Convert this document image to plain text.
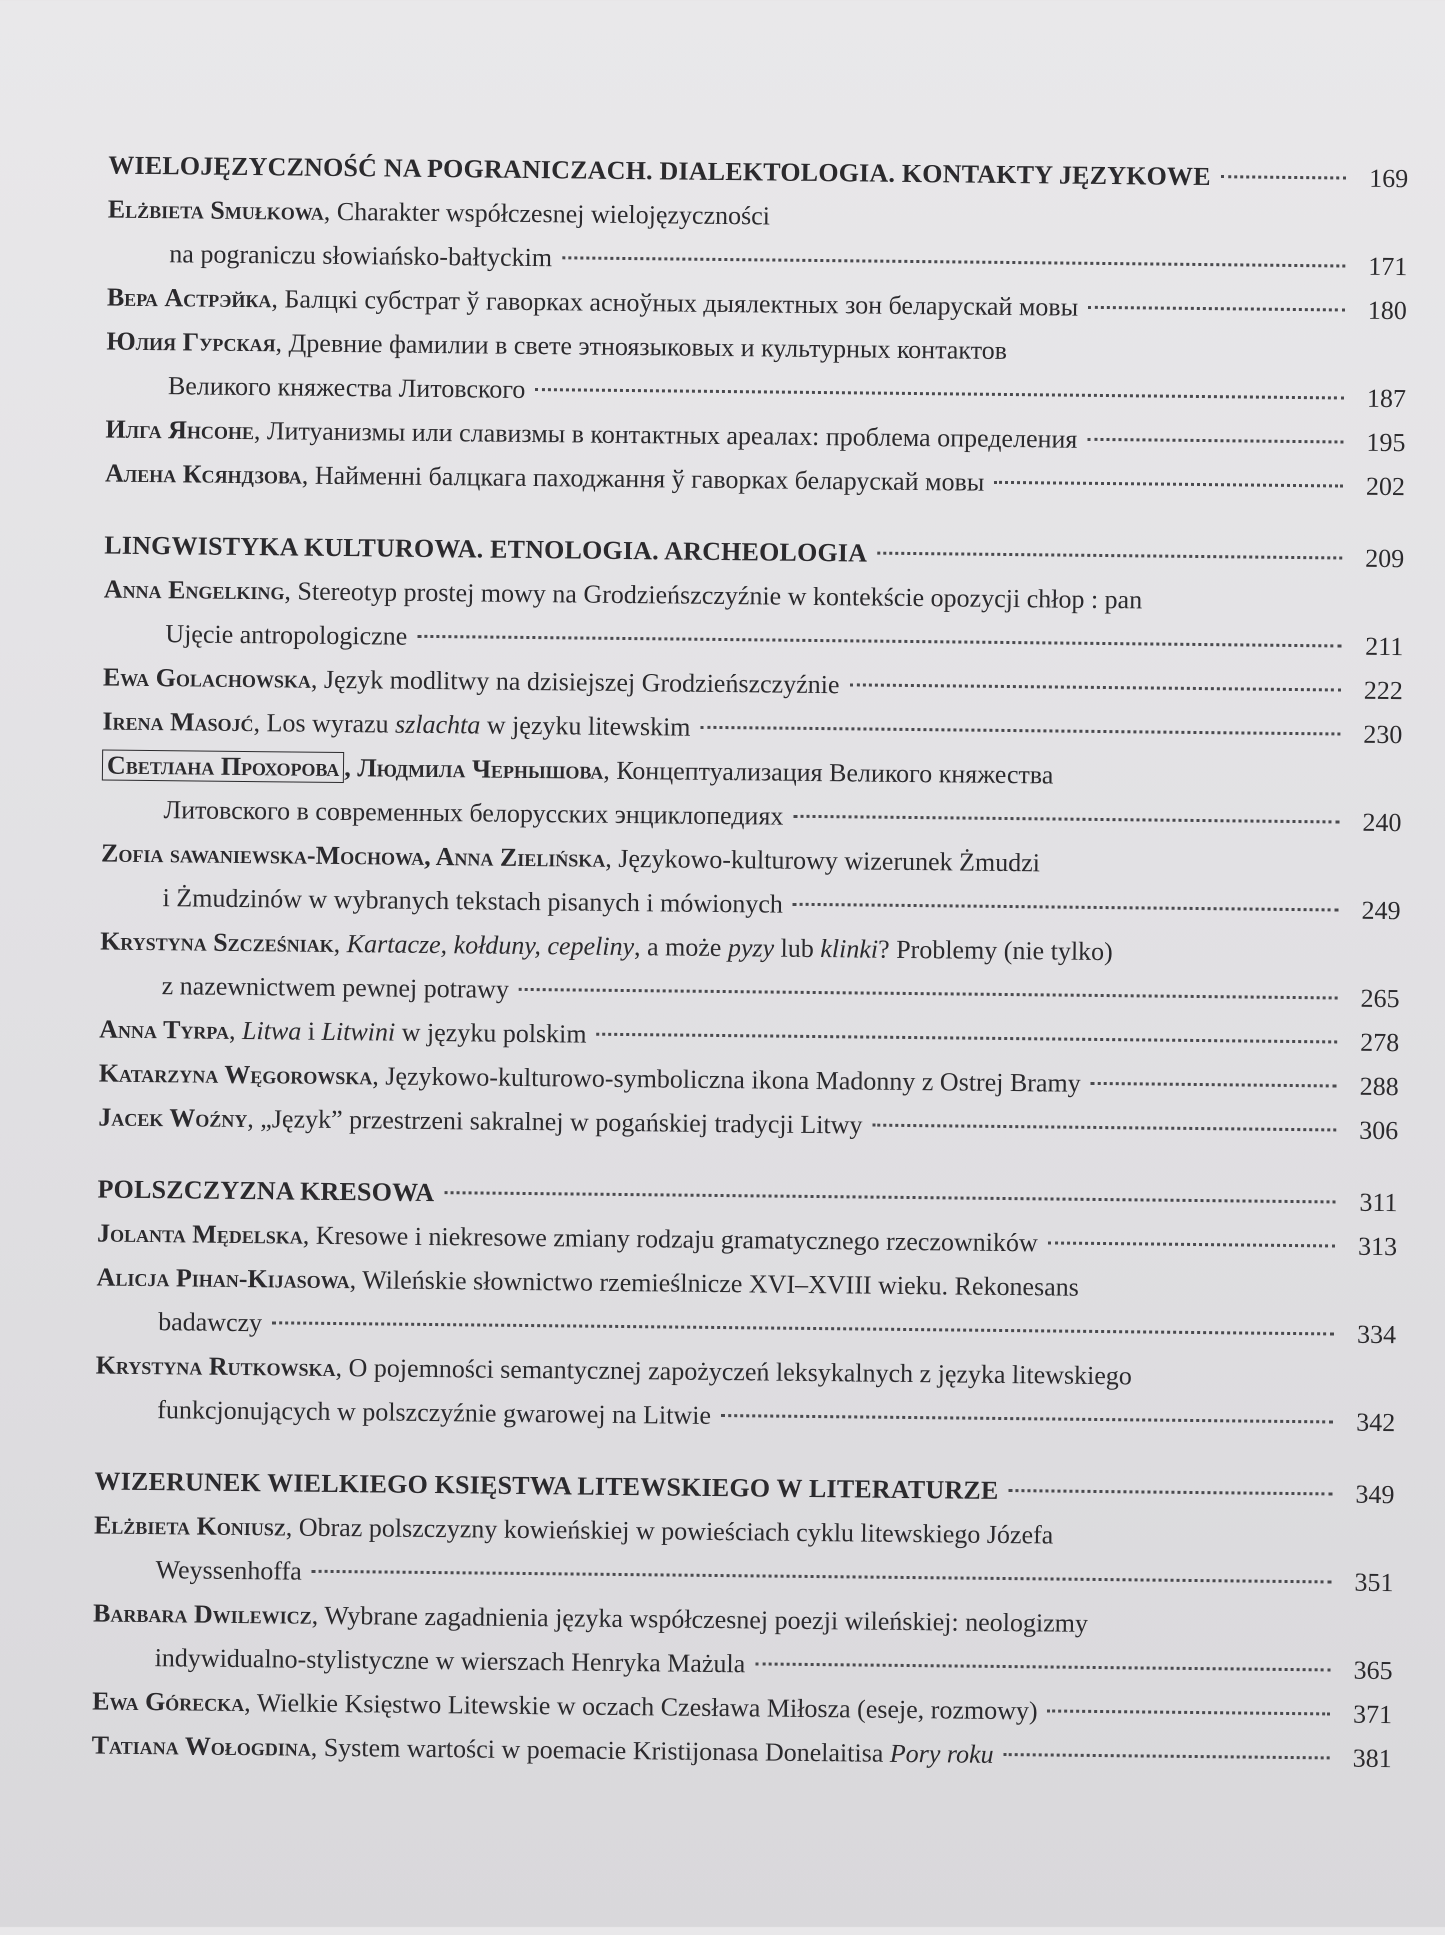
WIELOJĘZYCZNOŚĆ NA POGRANICZACH. DIALEKTOLOGIA. KONTAKTY JĘZYKOWE	169
Elżbieta Smułkowa, Charakter współczesnej wielojęzyczności
na pograniczu słowiańsko-bałtyckim	171
Вера Астрэйка, Балцкі субстрат ў гаворках асноўных дыялектных зон беларускай мовы	180
Юлия Гурская, Древние фамилии в свете этноязыковых и культурных контактов
Великого княжества Литовского	187
Илга Янсоне, Литуанизмы или славизмы в контактных ареалах: проблема определения	195
Алена Ксяндзова, Найменні балцкага паходжання ў гаворках беларускай мовы	202
LINGWISTYKA KULTUROWA. ETNOLOGIA. ARCHEOLOGIA	209
Anna Engelking, Stereotyp prostej mowy na Grodzieńszczyźnie w kontekście opozycji chłop : pan
Ujęcie antropologiczne	211
Ewa Golachowska, Język modlitwy na dzisiejszej Grodzieńszczyźnie	222
Irena Masojć, Los wyrazu szlachta w języku litewskim	230
Светлана Прохорова , Людмила Чернышова, Концептуализация Великого княжества
Литовского в современных белорусских энциклопедиях	240
Zofia sawaniewska-Mochowa, Anna Zielińska, Językowo-kulturowy wizerunek Żmudzi
i Żmudzinów w wybranych tekstach pisanych i mówionych	249
Krystyna Szcześniak, Kartacze, kołduny, cepeliny, a może pyzy lub klinki? Problemy (nie tylko)
z nazewnictwem pewnej potrawy	265
Anna Tyrpa, Litwa i Litwini w języku polskim	278
Katarzyna Węgorowska, Językowo-kulturowo-symboliczna ikona Madonny z Ostrej Bramy	288
Jacek Woźny, „Język” przestrzeni sakralnej w pogańskiej tradycji Litwy	306
POLSZCZYZNA KRESOWA	311
Jolanta Mędelska, Kresowe i niekresowe zmiany rodzaju gramatycznego rzeczowników	313
Alicja Pihan-Kijasowa, Wileńskie słownictwo rzemieślnicze XVI–XVIII wieku. Rekonesans
badawczy	334
Krystyna Rutkowska, O pojemności semantycznej zapożyczeń leksykalnych z języka litewskiego
funkcjonujących w polszczyźnie gwarowej na Litwie	342
WIZERUNEK WIELKIEGO KSIĘSTWA LITEWSKIEGO W LITERATURZE	349
Elżbieta Koniusz, Obraz polszczyzny kowieńskiej w powieściach cyklu litewskiego Józefa
Weyssenhoffa	351
Barbara Dwilewicz, Wybrane zagadnienia języka współczesnej poezji wileńskiej: neologizmy
indywidualno-stylistyczne w wierszach Henryka Mażula	365
Ewa Górecka, Wielkie Księstwo Litewskie w oczach Czesława Miłosza (eseje, rozmowy)	371
Tatiana Wołogdina, System wartości w poemacie Kristijonasa Donelaitisa Pory roku	381
